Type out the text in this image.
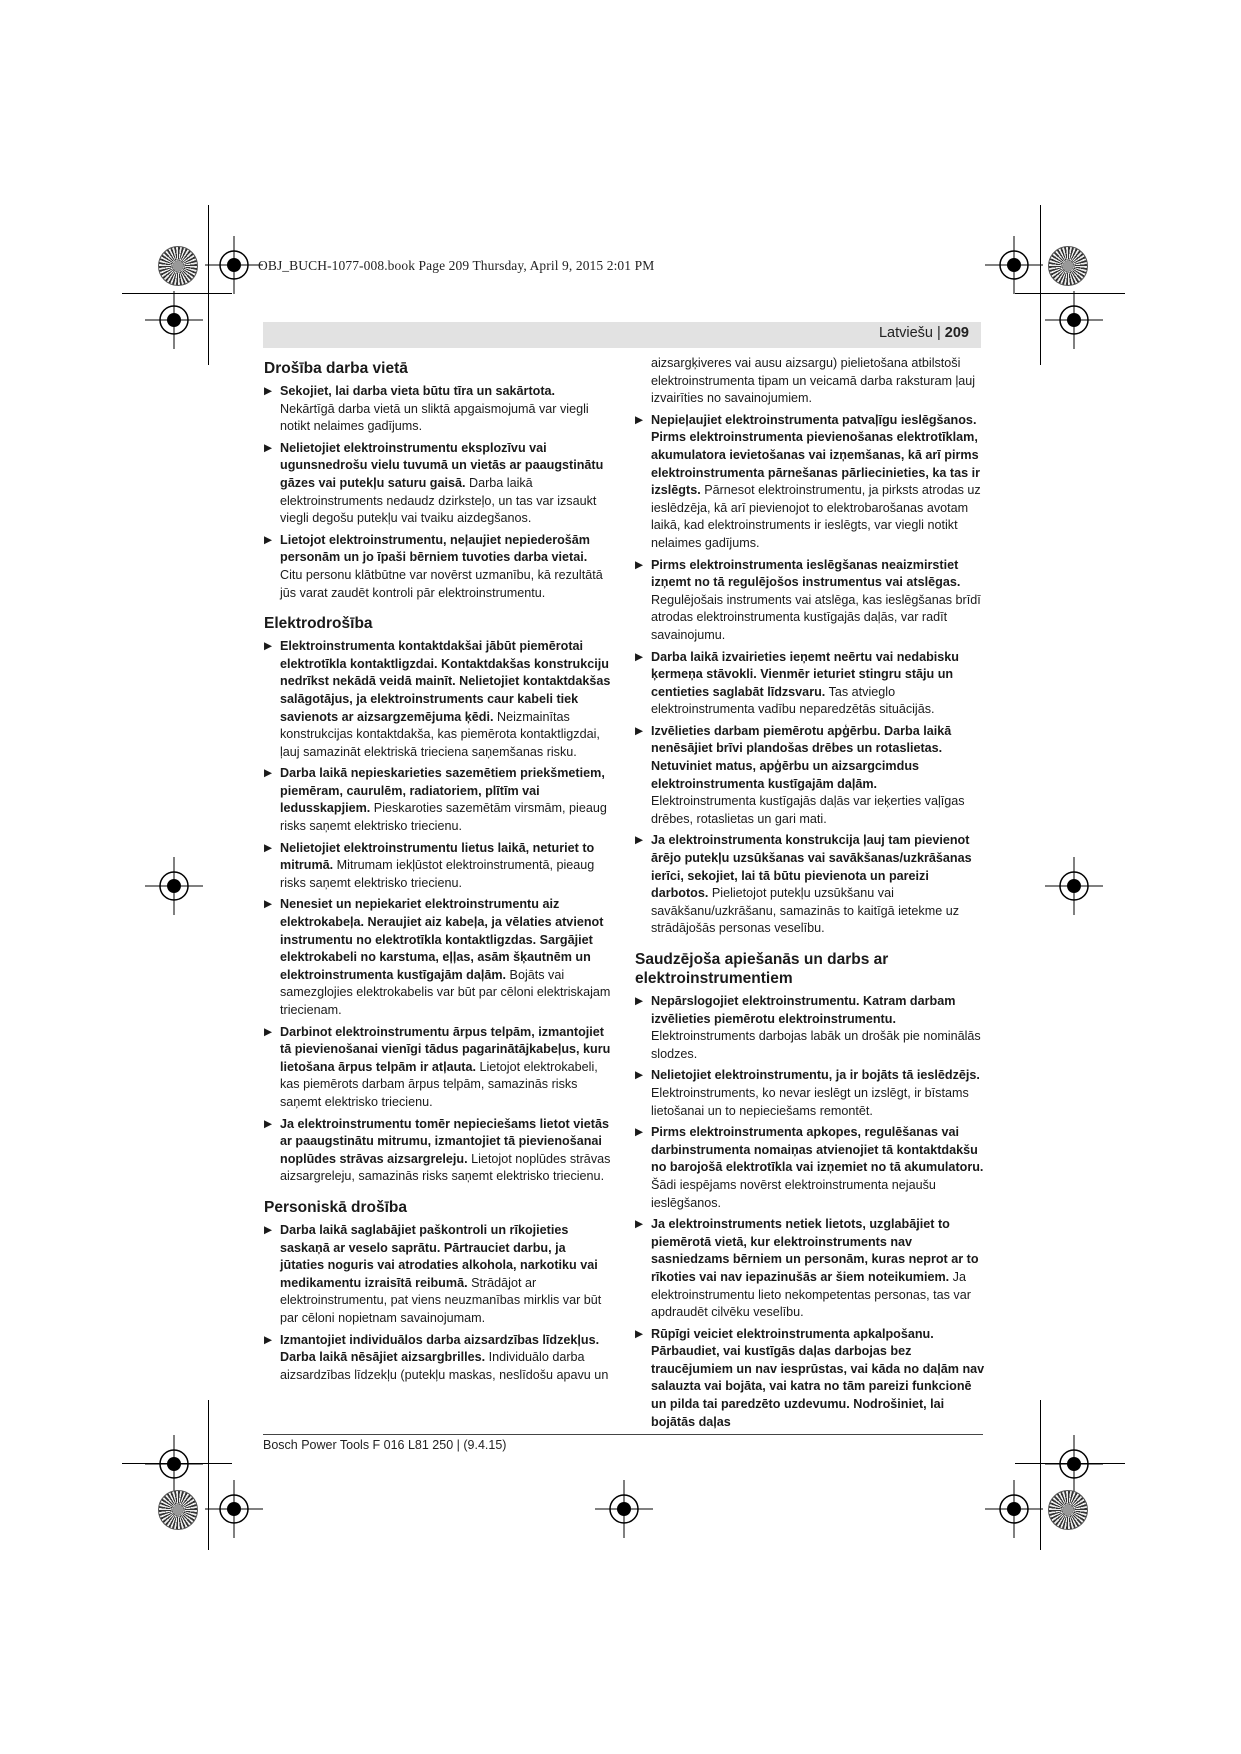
OBJ_BUCH-1077-008.book Page 209 Thursday, April 9, 2015 2:01 PM
Latviešu | 209
Drošība darba vietā
▶ Sekojiet, lai darba vieta būtu tīra un sakārtota. Nekārtīgā darba vietā un sliktā apgaismojumā var viegli notikt nelaimes gadījums.
▶ Nelietojiet elektroinstrumentu eksplozīvu vai ugunsnedrošu vielu tuvumā un vietās ar paaugstinātu gāzes vai putekļu saturu gaisā. Darba laikā elektroinstruments nedaudz dzirksteļo, un tas var izsaukt viegli degošu putekļu vai tvaiku aizdegšanos.
▶ Lietojot elektroinstrumentu, neļaujiet nepiederošām personām un jo īpaši bērniem tuvoties darba vietai. Citu personu klātbūtne var novērst uzmanību, kā rezultātā jūs varat zaudēt kontroli pār elektroinstrumentu.
Elektrodrošība
▶ Elektroinstrumenta kontaktdakšai jābūt piemērotai elektrotīkla kontaktligzdai. Kontaktdakšas konstrukciju nedrīkst nekādā veidā mainīt. Nelietojiet kontaktdakšas salāgotājus, ja elektroinstruments caur kabeli tiek savienots ar aizsargzemējuma ķēdi. Neizmainītas konstrukcijas kontaktdakša, kas piemērota kontaktligzdai, ļauj samazināt elektriskā trieciena saņemšanas risku.
▶ Darba laikā nepieskarieties sazemētiem priekšmetiem, piemēram, caurulēm, radiatoriem, plītīm vai ledusskapjiem. Pieskaroties sazemētām virsmām, pieaug risks saņemt elektrisko triecienu.
▶ Nelietojiet elektroinstrumentu lietus laikā, neturiet to mitrumā. Mitrumam iekļūstot elektroinstrumentā, pieaug risks saņemt elektrisko triecienu.
▶ Nenesiet un nepiekariet elektroinstrumentu aiz elektrokabeļa. Neraujiet aiz kabeļa, ja vēlaties atvienot instrumentu no elektrotīkla kontaktligzdas. Sargājiet elektrokabeli no karstuma, eļļas, asām šķautnēm un elektroinstrumenta kustīgajām daļām. Bojāts vai samezglojies elektrokabelis var būt par cēloni elektriskajam triecienam.
▶ Darbinot elektroinstrumentu ārpus telpām, izmantojiet tā pievienošanai vienīgi tādus pagarinātājkabeļus, kuru lietošana ārpus telpām ir atļauta. Lietojot elektrokabeli, kas piemērots darbam ārpus telpām, samazinās risks saņemt elektrisko triecienu.
▶ Ja elektroinstrumentu tomēr nepieciešams lietot vietās ar paaugstinātu mitrumu, izmantojiet tā pievienošanai noplūdes strāvas aizsargreleju. Lietojot noplūdes strāvas aizsargreleju, samazinās risks saņemt elektrisko triecienu.
Personiskā drošība
▶ Darba laikā saglabājiet paškontroli un rīkojieties saskaņā ar veselo saprātu. Pārtrauciet darbu, ja jūtaties noguris vai atrodaties alkohola, narkotiku vai medikamentu izraisītā reibumā. Strādājot ar elektroinstrumentu, pat viens neuzmanības mirklis var būt par cēloni nopietnam savainojumam.
▶ Izmantojiet individuālos darba aizsardzības līdzekļus. Darba laikā nēsājiet aizsargbrilles. Individuālo darba aizsardzības līdzekļu (putekļu maskas, neslīdošu apavu un
aizsargķiveres vai ausu aizsargu) pielietošana atbilstoši elektroinstrumenta tipam un veicamā darba raksturam ļauj izvairīties no savainojumiem.
▶ Nepieļaujiet elektroinstrumenta patvaļīgu ieslēgšanos. Pirms elektroinstrumenta pievienošanas elektrotīklam, akumulatora ievietošanas vai izņemšanas, kā arī pirms elektroinstrumenta pārnešanas pārliecinieties, ka tas ir izslēgts. Pārnesot elektroinstrumentu, ja pirksts atrodas uz ieslēdzēja, kā arī pievienojot to elektrobarošanas avotam laikā, kad elektroinstruments ir ieslēgts, var viegli notikt nelaimes gadījums.
▶ Pirms elektroinstrumenta ieslēgšanas neaizmirstiet izņemt no tā regulējošos instrumentus vai atslēgas. Regulējošais instruments vai atslēga, kas ieslēgšanas brīdī atrodas elektroinstrumenta kustīgajās daļās, var radīt savainojumu.
▶ Darba laikā izvairieties ieņemt neērtu vai nedabisku ķermeņa stāvokli. Vienmēr ieturiet stingru stāju un centieties saglabāt līdzsvaru. Tas atvieglo elektroinstrumenta vadību neparedzētās situācijās.
▶ Izvēlieties darbam piemērotu apģērbu. Darba laikā nenēsājiet brīvi plandošas drēbes un rotaslietas. Netuviniet matus, apģērbu un aizsargcimdus elektroinstrumenta kustīgajām daļām. Elektroinstrumenta kustīgajās daļās var ieķerties vaļīgas drēbes, rotaslietas un gari mati.
▶ Ja elektroinstrumenta konstrukcija ļauj tam pievienot ārējo putekļu uzsūkšanas vai savākšanas/uzkrāšanas ierīci, sekojiet, lai tā būtu pievienota un pareizi darbotos. Pielietojot putekļu uzsūkšanu vai savākšanu/uzkrāšanu, samazinās to kaitīgā ietekme uz strādājošās personas veselību.
Saudzējoša apiešanās un darbs ar elektroinstrumentiem
▶ Nepārslogojiet elektroinstrumentu. Katram darbam izvēlieties piemērotu elektroinstrumentu. Elektroinstruments darbojas labāk un drošāk pie nominālās slodzes.
▶ Nelietojiet elektroinstrumentu, ja ir bojāts tā ieslēdzējs. Elektroinstruments, ko nevar ieslēgt un izslēgt, ir bīstams lietošanai un to nepieciešams remontēt.
▶ Pirms elektroinstrumenta apkopes, regulēšanas vai darbinstrumenta nomaiņas atvienojiet tā kontaktdakšu no barojošā elektrotīkla vai izņemiet no tā akumulatoru. Šādi iespējams novērst elektroinstrumenta nejaušu ieslēgšanos.
▶ Ja elektroinstruments netiek lietots, uzglabājiet to piemērotā vietā, kur elektroinstruments nav sasniedzams bērniem un personām, kuras neprot ar to rīkoties vai nav iepazinušās ar šiem noteikumiem. Ja elektroinstrumentu lieto nekompetentas personas, tas var apdraudēt cilvēku veselību.
▶ Rūpīgi veiciet elektroinstrumenta apkalpošanu. Pārbaudiet, vai kustīgās daļas darbojas bez traucējumiem un nav iesprūstas, vai kāda no daļām nav salauzta vai bojāta, vai katra no tām pareizi funkcionē un pilda tai paredzēto uzdevumu. Nodrošiniet, lai bojātās daļas
Bosch Power Tools F 016 L81 250 | (9.4.15)
